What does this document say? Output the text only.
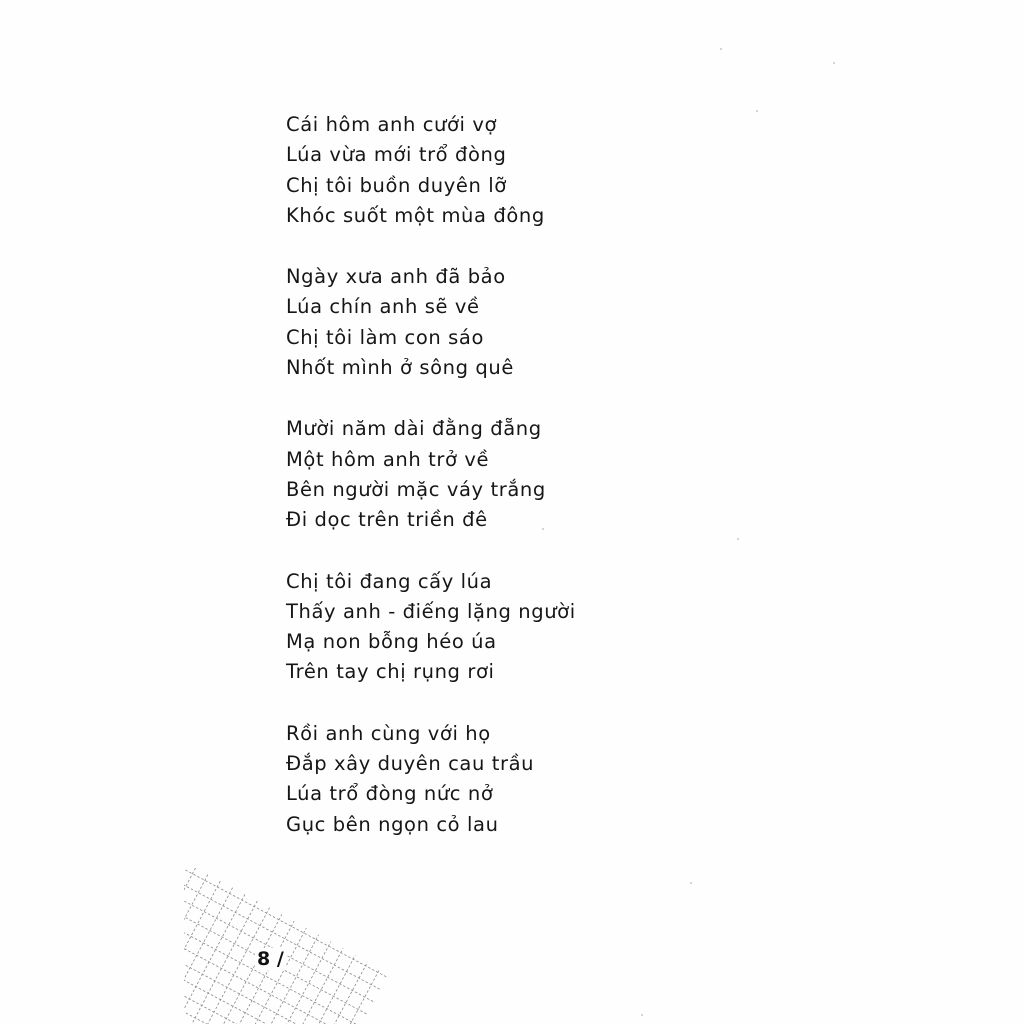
Cái hôm anh cưới vợ
Lúa vừa mới trổ đòng
Chị tôi buồn duyên lỡ
Khóc suốt một mùa đông
Ngày xưa anh đã bảo
Lúa chín anh sẽ về
Chị tôi làm con sáo
Nhốt mình ở sông quê
Mười năm dài đằng đẵng
Một hôm anh trở về
Bên người mặc váy trắng
Đi dọc trên triền đê
Chị tôi đang cấy lúa
Thấy anh - điếng lặng người
Mạ non bỗng héo úa
Trên tay chị rụng rơi
Rồi anh cùng với họ
Đắp xây duyên cau trầu
Lúa trổ đòng nức nở
Gục bên ngọn cỏ lau
8 /
